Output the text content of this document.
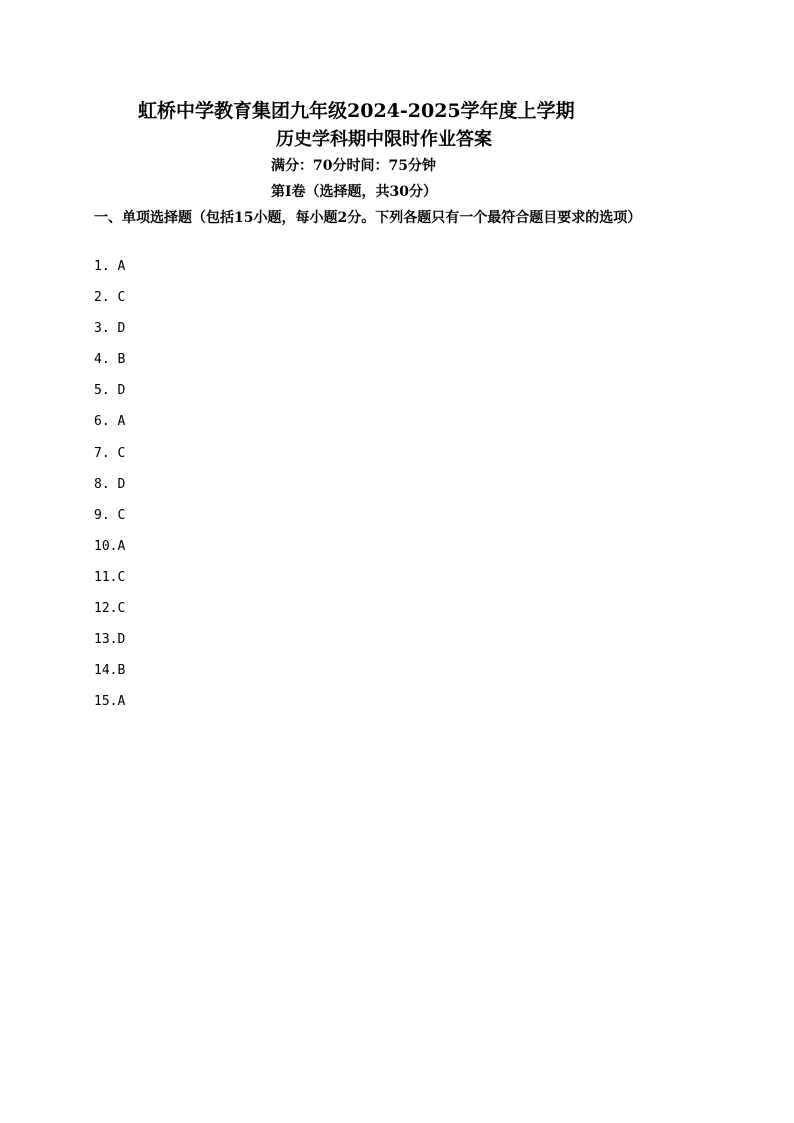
虹桥中学教育集团九年级2024-2025学年度上学期
历史学科期中限时作业答案
满分：70分时间：75分钟
第I卷（选择题，共30分）
一、单项选择题（包括15小题，每小题2分。下列各题只有一个最符合题目要求的选项）
1. A
2. C
3. D
4. B
5. D
6. A
7. C
8. D
9. C
10.A
11.C
12.C
13.D
14.B
15.A
